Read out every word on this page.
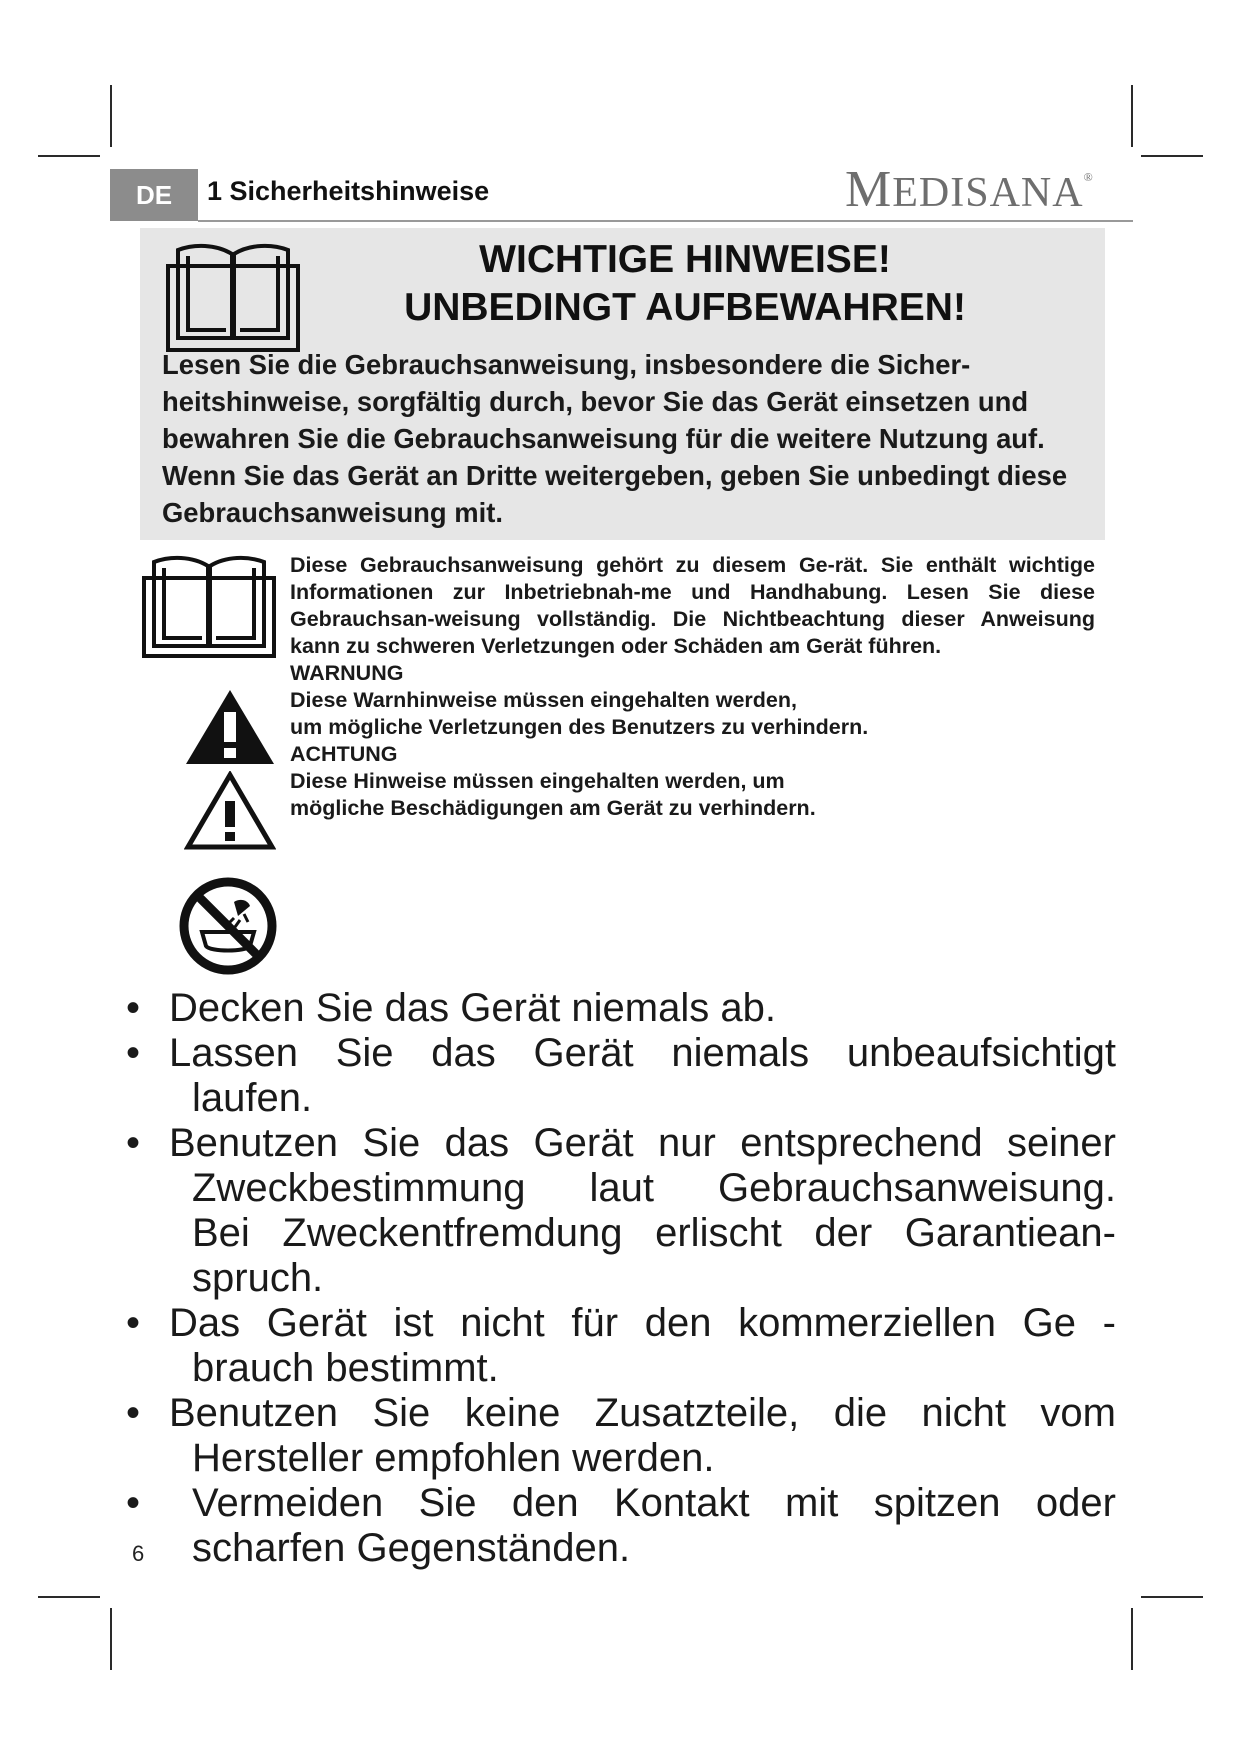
DE 1 Sicherheitshinweise	MEDISANA®
WICHTIGE HINWEISE!
UNBEDINGT AUFBEWAHREN!
Lesen Sie die Gebrauchsanweisung, insbesondere die Sicher-heitshinweise, sorgfältig durch, bevor Sie das Gerät einsetzen und bewahren Sie die Gebrauchsanweisung für die weitere Nutzung auf. Wenn Sie das Gerät an Dritte weitergeben, geben Sie unbedingt diese Gebrauchsanweisung mit.

Diese Gebrauchsanweisung gehört zu diesem Ge-rät. Sie enthält wichtige Informationen zur Inbetriebnah-me und Handhabung. Lesen Sie diese Gebrauchsan-weisung vollständig. Die Nichtbeachtung dieser Anweisung kann zu schweren Verletzungen oder Schäden am Gerät führen.

WARNUNG

Diese Warnhinweise müssen eingehalten werden,

um mögliche Verletzungen des Benutzers zu verhindern.

ACHTUNG

Diese Hinweise müssen eingehalten werden, um

mögliche Beschädigungen am Gerät zu verhindern.

• Decken Sie das Gerät niemals ab.
• Lassen Sie das Gerät niemals unbeaufsichtigt
laufen.
• Benutzen Sie das Gerät nur entsprechend seiner
Zweckbestimmung laut Gebrauchsanweisung.
Bei Zweckentfremdung erlischt der Garantiean-
spruch.
• Das Gerät ist nicht für den kommerziellen Ge -
brauch bestimmt.
• Benutzen Sie keine Zusatzteile, die nicht vom
Hersteller empfohlen werden.
• Vermeiden Sie den Kontakt mit spitzen oder
scharfen Gegenständen.
6
